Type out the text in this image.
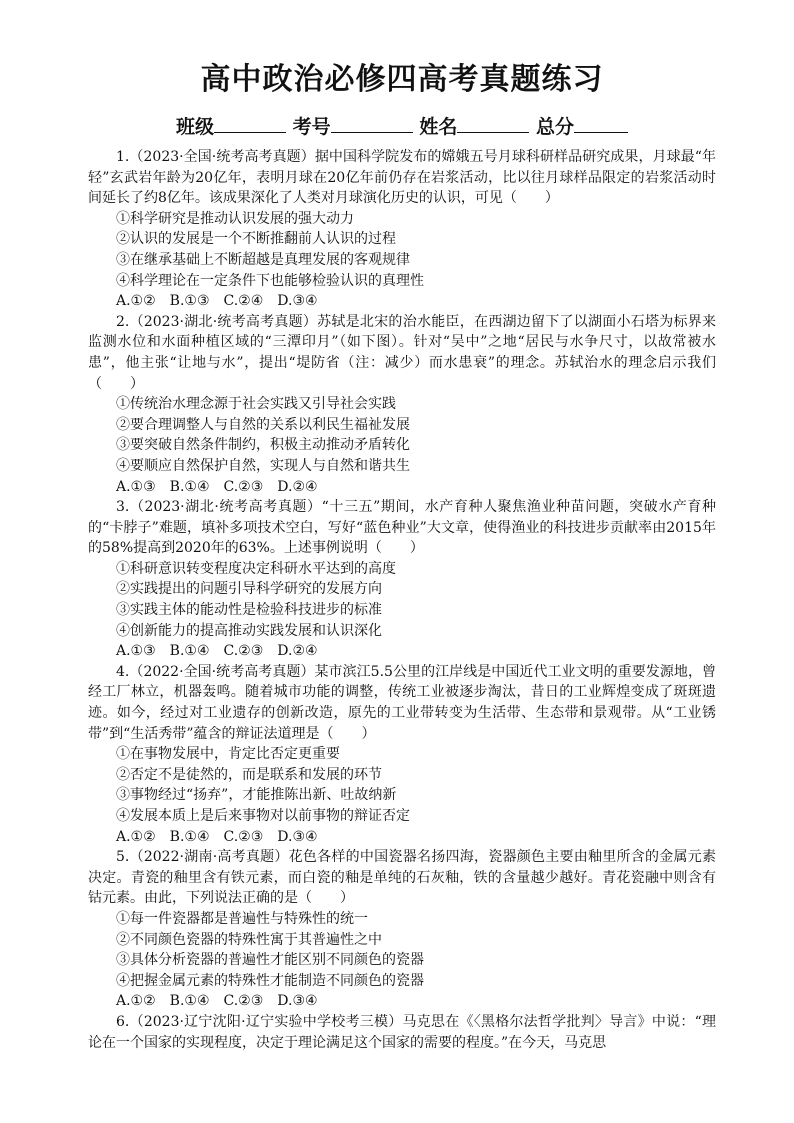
高中政治必修四高考真题练习
班级	考号	姓名	总分

1.（2023·全国·统考高考真题）据中国科学院发布的嫦娥五号月球科研样品研究成果，月球最“年轻”玄武岩年龄为20亿年，表明月球在20亿年前仍存在岩浆活动，比以往月球样品限定的岩浆活动时间延长了约8亿年。该成果深化了人类对月球演化历史的认识，可见（　　）

①科学研究是推动认识发展的强大动力

②认识的发展是一个不断推翻前人认识的过程

③在继承基础上不断超越是真理发展的客观规律

④科学理论在一定条件下也能够检验认识的真理性

A.①②　B.①③　C.②④　D.③④

2.（2023·湖北·统考高考真题）苏轼是北宋的治水能臣，在西湖边留下了以湖面小石塔为标界来监测水位和水面种植区域的“三潭印月”（如下图）。针对“吴中”之地“居民与水争尺寸，以故常被水患”，他主张“让地与水”，提出“堤防省（注：减少）而水患衰”的理念。苏轼治水的理念启示我们（　　）

①传统治水理念源于社会实践又引导社会实践

②要合理调整人与自然的关系以利民生福祉发展

③要突破自然条件制约，积极主动推动矛盾转化

④要顺应自然保护自然，实现人与自然和谐共生

A.①③　B.①④　C.②③　D.②④

3.（2023·湖北·统考高考真题）“十三五”期间，水产育种人聚焦渔业种苗问题，突破水产育种的“卡脖子”难题，填补多项技术空白，写好“蓝色种业”大文章，使得渔业的科技进步贡献率由2015年的58%提高到2020年的63%。上述事例说明（　　）

①科研意识转变程度决定科研水平达到的高度

②实践提出的问题引导科学研究的发展方向

③实践主体的能动性是检验科技进步的标准

④创新能力的提高推动实践发展和认识深化

A.①③　B.①④　C.②③　D.②④

4.（2022·全国·统考高考真题）某市滨江5.5公里的江岸线是中国近代工业文明的重要发源地，曾经工厂林立，机器轰鸣。随着城市功能的调整，传统工业被逐步淘汰，昔日的工业辉煌变成了斑斑遗迹。如今，经过对工业遗存的创新改造，原先的工业带转变为生活带、生态带和景观带。从“工业锈带”到“生活秀带”蕴含的辩证法道理是（　　）

①在事物发展中，肯定比否定更重要

②否定不是徒然的，而是联系和发展的环节

③事物经过“扬弃”，才能推陈出新、吐故纳新

④发展本质上是后来事物对以前事物的辩证否定

A.①②　B.①④　C.②③　D.③④

5.（2022·湖南·高考真题）花色各样的中国瓷器名扬四海，瓷器颜色主要由釉里所含的金属元素决定。青瓷的釉里含有铁元素，而白瓷的釉是单纯的石灰釉，铁的含量越少越好。青花瓷融中则含有钴元素。由此，下列说法正确的是（　　）

①每一件瓷器都是普遍性与特殊性的统一

②不同颜色瓷器的特殊性寓于其普遍性之中

③具体分析瓷器的普遍性才能区别不同颜色的瓷器

④把握金属元素的特殊性才能制造不同颜色的瓷器

A.①②　B.①④　C.②③　D.③④

6.（2023·辽宁沈阳·辽宁实验中学校考三模）马克思在《〈黑格尔法哲学批判〉导言》中说：“理论在一个国家的实现程度，决定于理论满足这个国家的需要的程度。”在今天，马克思
